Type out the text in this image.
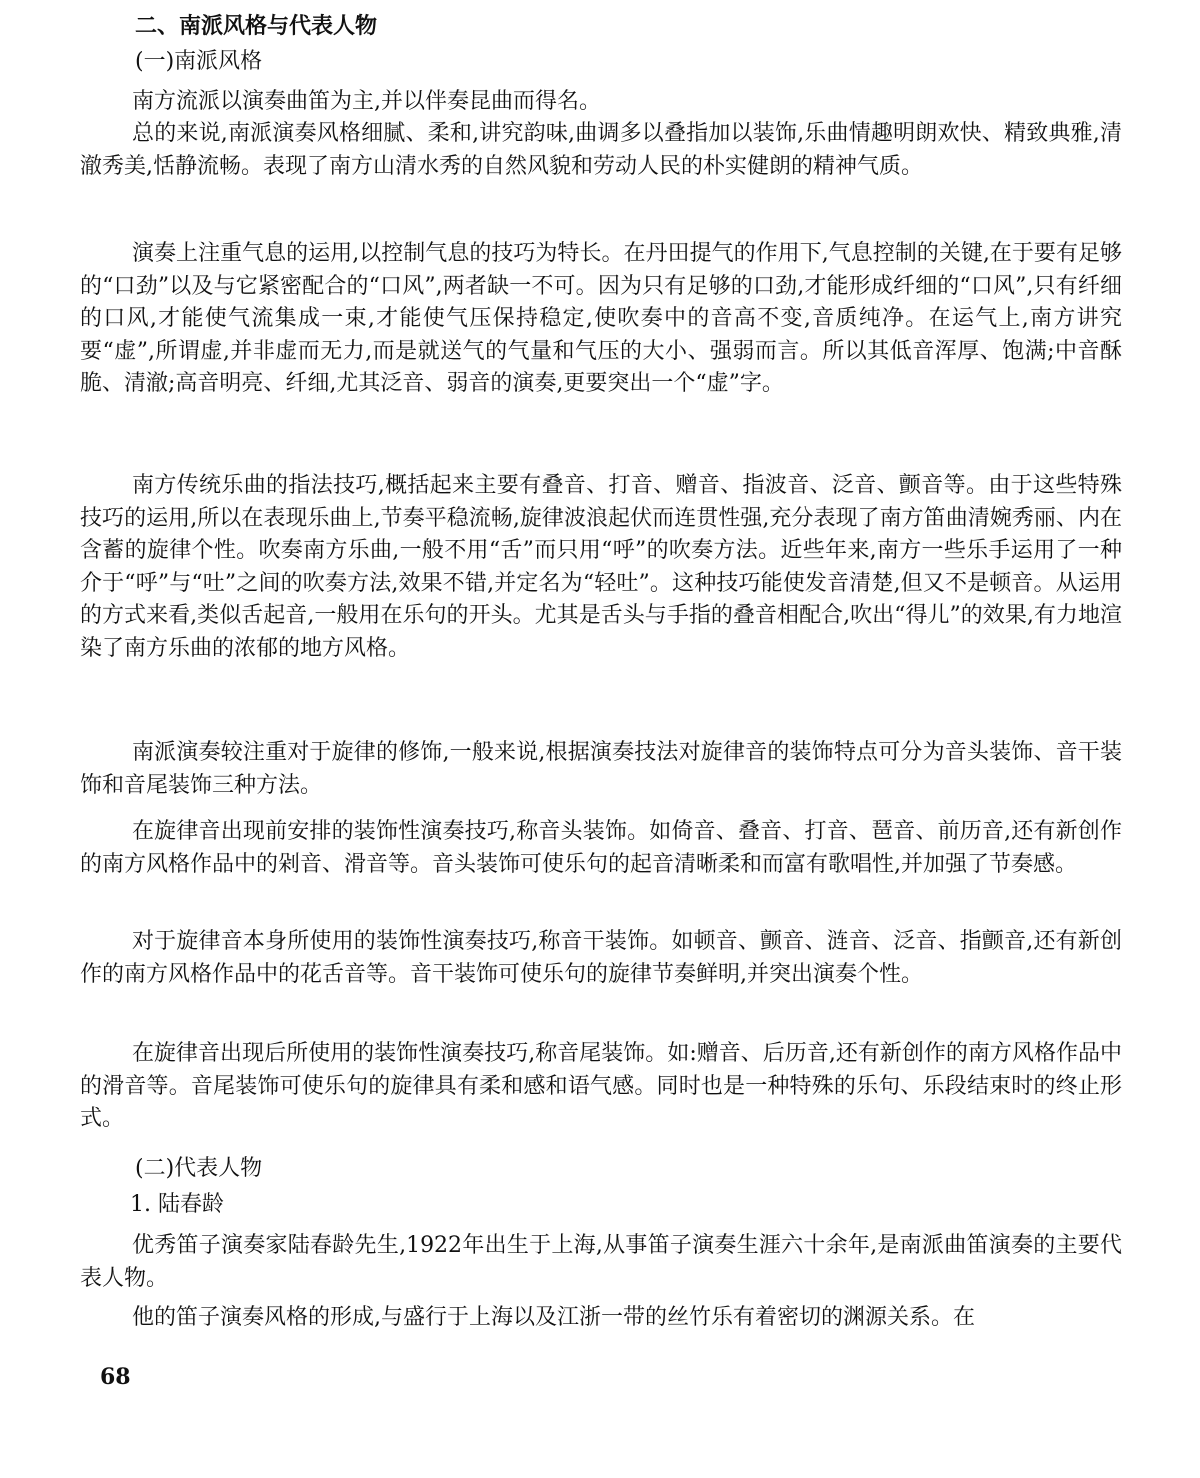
二、南派风格与代表人物
(一)南派风格

南方流派以演奏曲笛为主,并以伴奏昆曲而得名。

总的来说,南派演奏风格细腻、柔和,讲究韵味,曲调多以叠指加以装饰,乐曲情趣明朗欢快、精致典雅,清澈秀美,恬静流畅。表现了南方山清水秀的自然风貌和劳动人民的朴实健朗的精神气质。

演奏上注重气息的运用,以控制气息的技巧为特长。在丹田提气的作用下,气息控制的关键,在于要有足够的“口劲”以及与它紧密配合的“口风”,两者缺一不可。因为只有足够的口劲,才能形成纤细的“口风”,只有纤细的口风,才能使气流集成一束,才能使气压保持稳定,使吹奏中的音高不变,音质纯净。在运气上,南方讲究要“虚”,所谓虚,并非虚而无力,而是就送气的气量和气压的大小、强弱而言。所以其低音浑厚、饱满;中音酥脆、清澈;高音明亮、纤细,尤其泛音、弱音的演奏,更要突出一个“虚”字。

南方传统乐曲的指法技巧,概括起来主要有叠音、打音、赠音、指波音、泛音、颤音等。由于这些特殊技巧的运用,所以在表现乐曲上,节奏平稳流畅,旋律波浪起伏而连贯性强,充分表现了南方笛曲清婉秀丽、内在含蓄的旋律个性。吹奏南方乐曲,一般不用“舌”而只用“呼”的吹奏方法。近些年来,南方一些乐手运用了一种介于“呼”与“吐”之间的吹奏方法,效果不错,并定名为“轻吐”。这种技巧能使发音清楚,但又不是顿音。从运用的方式来看,类似舌起音,一般用在乐句的开头。尤其是舌头与手指的叠音相配合,吹出“得儿”的效果,有力地渲染了南方乐曲的浓郁的地方风格。

南派演奏较注重对于旋律的修饰,一般来说,根据演奏技法对旋律音的装饰特点可分为音头装饰、音干装饰和音尾装饰三种方法。

在旋律音出现前安排的装饰性演奏技巧,称音头装饰。如倚音、叠音、打音、琶音、前历音,还有新创作的南方风格作品中的剁音、滑音等。音头装饰可使乐句的起音清晰柔和而富有歌唱性,并加强了节奏感。

对于旋律音本身所使用的装饰性演奏技巧,称音干装饰。如顿音、颤音、涟音、泛音、指颤音,还有新创作的南方风格作品中的花舌音等。音干装饰可使乐句的旋律节奏鲜明,并突出演奏个性。

在旋律音出现后所使用的装饰性演奏技巧,称音尾装饰。如:赠音、后历音,还有新创作的南方风格作品中的滑音等。音尾装饰可使乐句的旋律具有柔和感和语气感。同时也是一种特殊的乐句、乐段结束时的终止形式。

(二)代表人物
1. 陆春龄

优秀笛子演奏家陆春龄先生,1922年出生于上海,从事笛子演奏生涯六十余年,是南派曲笛演奏的主要代表人物。

他的笛子演奏风格的形成,与盛行于上海以及江浙一带的丝竹乐有着密切的渊源关系。在

68
